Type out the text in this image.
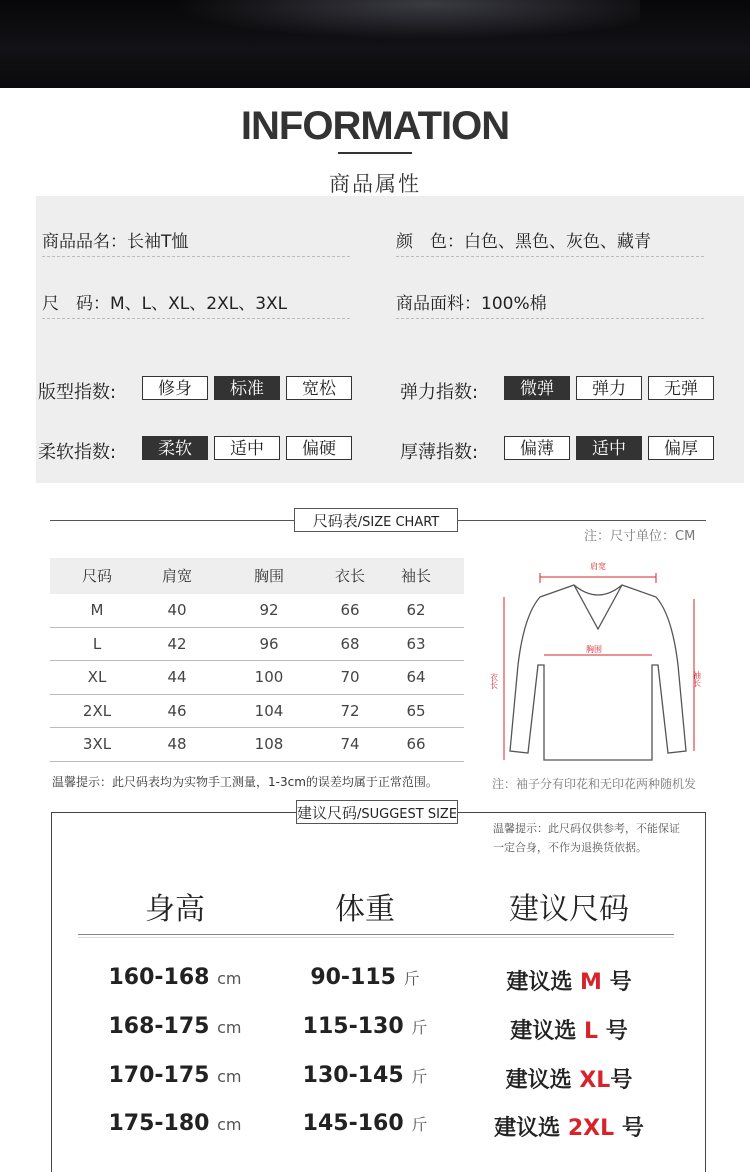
INFORMATION
商品属性
商品品名：长袖T恤	颜　色：白色、黑色、灰色、藏青
尺　码：M、L、XL、2XL、3XL	商品面料：100%棉
版型指数:	修身	标准	宽松	弹力指数:	微弹	弹力	无弹
柔软指数:	柔软	适中	偏硬	厚薄指数:	偏薄	适中	偏厚
尺码表/SIZE CHART
注：尺寸单位：CM
尺码	肩宽	胸围	衣长	袖长
M	40	92	66	62
L	42	96	68	63
XL	44	100	70	64
2XL	46	104	72	65
3XL	48	108	74	66
温馨提示：此尺码表均为实物手工测量，1-3cm的误差均属于正常范围。
肩宽
胸围
衣长	袖长
注：袖子分有印花和无印花两种随机发
建议尺码/SUGGEST SIZE
温馨提示：此尺码仅供参考，不能保证
一定合身，不作为退换货依据。
身高	体重	建议尺码
160-168 cm	90-115 斤	建议选 M 号
168-175 cm	115-130 斤	建议选 L 号
170-175 cm	130-145 斤	建议选 XL号
175-180 cm	145-160 斤	建议选 2XL 号
